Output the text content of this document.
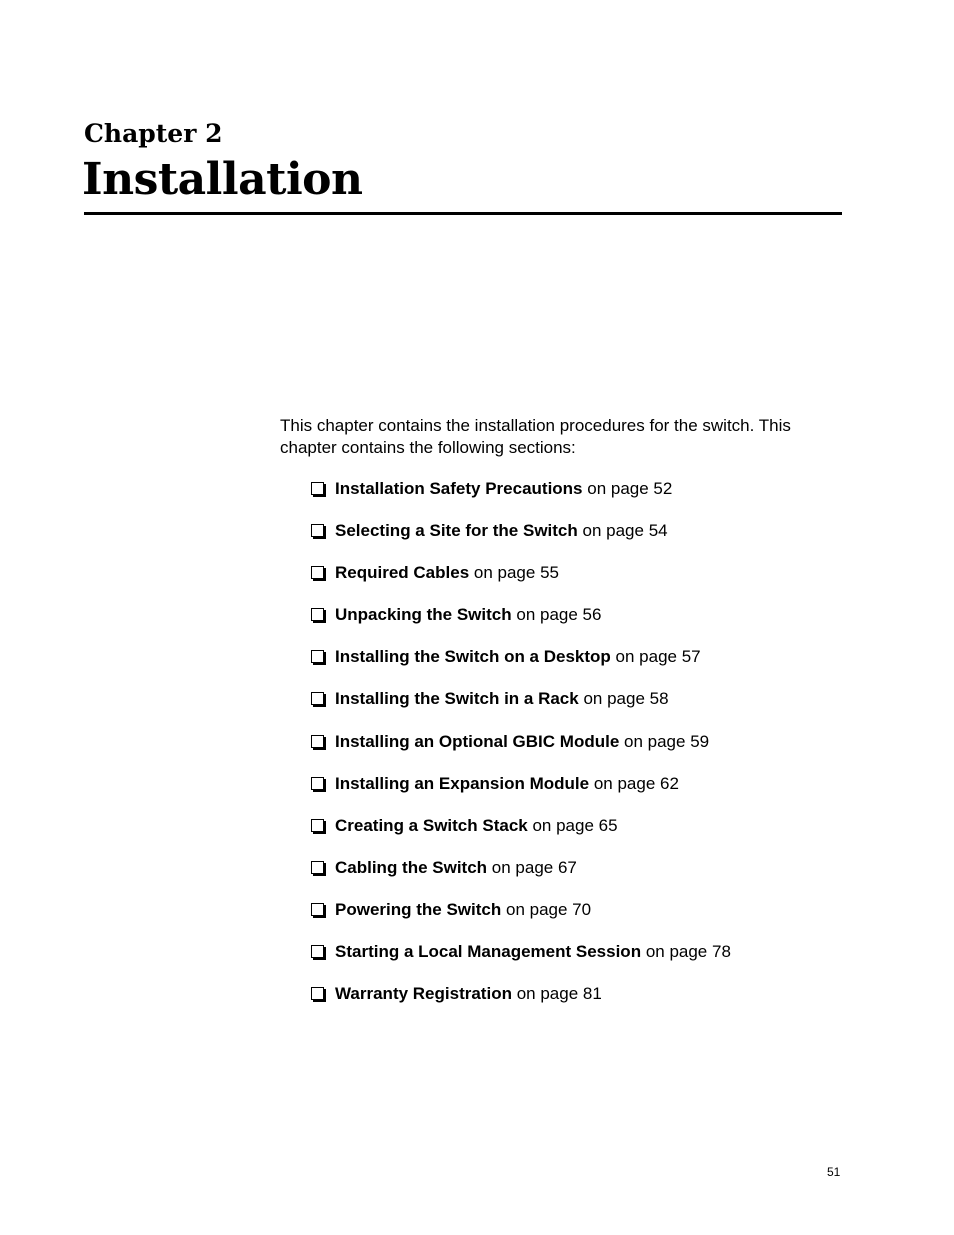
Chapter 2
Installation

This chapter contains the installation procedures for the switch. This chapter contains the following sections:

Installation Safety Precautions on page 52
Selecting a Site for the Switch on page 54
Required Cables on page 55
Unpacking the Switch on page 56
Installing the Switch on a Desktop on page 57
Installing the Switch in a Rack on page 58
Installing an Optional GBIC Module on page 59
Installing an Expansion Module on page 62
Creating a Switch Stack on page 65
Cabling the Switch on page 67
Powering the Switch on page 70
Starting a Local Management Session on page 78
Warranty Registration on page 81

51
